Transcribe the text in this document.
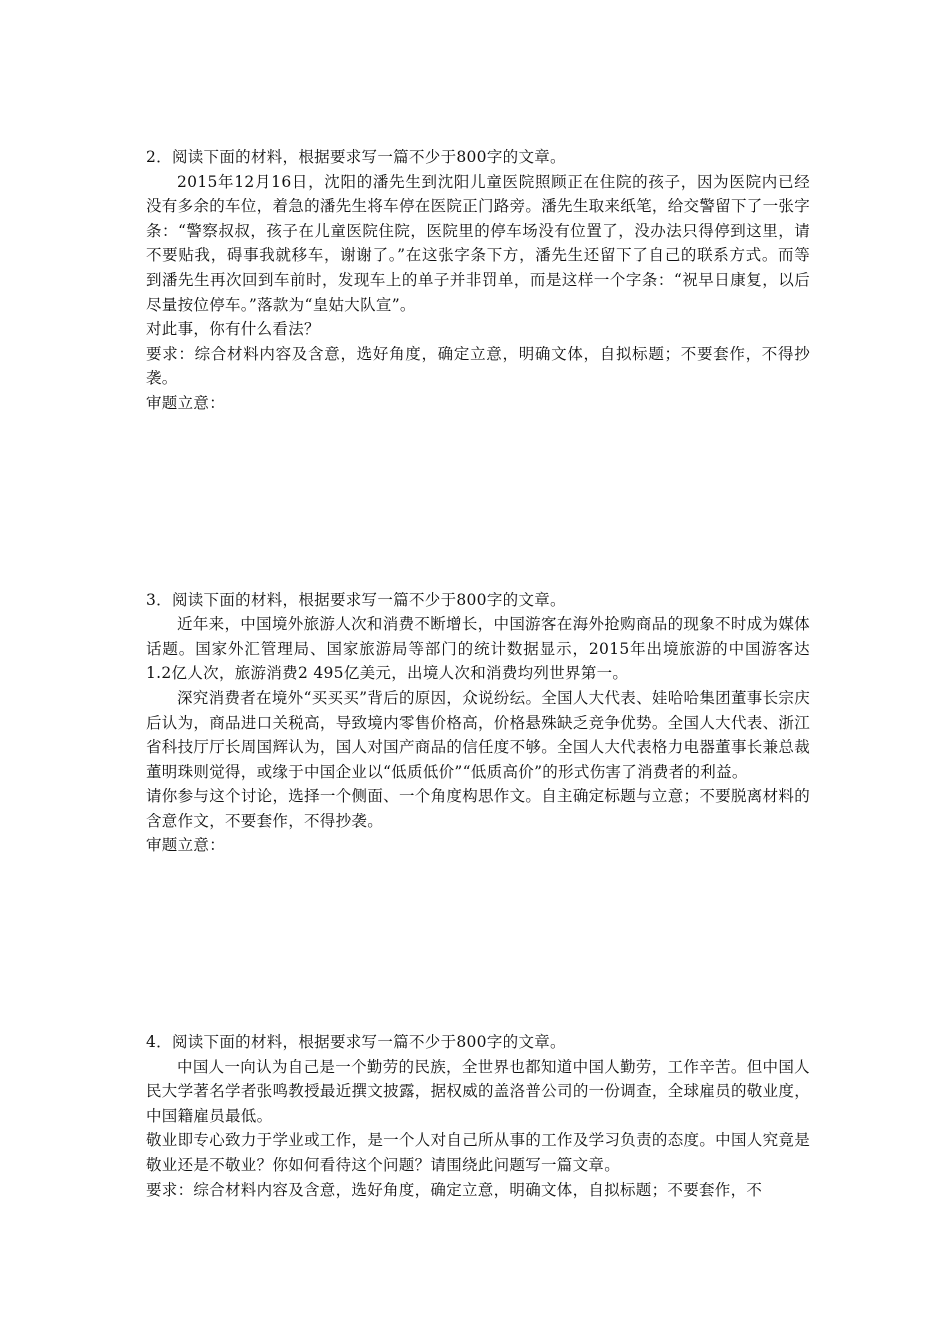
2．阅读下面的材料，根据要求写一篇不少于800字的文章。

2015年12月16日，沈阳的潘先生到沈阳儿童医院照顾正在住院的孩子，因为医院内已经没有多余的车位，着急的潘先生将车停在医院正门路旁。潘先生取来纸笔，给交警留下了一张字条：“警察叔叔，孩子在儿童医院住院，医院里的停车场没有位置了，没办法只得停到这里，请不要贴我，碍事我就移车，谢谢了。”在这张字条下方，潘先生还留下了自己的联系方式。而等到潘先生再次回到车前时，发现车上的单子并非罚单，而是这样一个字条：“祝早日康复，以后尽量按位停车。”落款为“皇姑大队宣”。

对此事，你有什么看法？

要求：综合材料内容及含意，选好角度，确定立意，明确文体，自拟标题；不要套作，不得抄袭。

审题立意：

3．阅读下面的材料，根据要求写一篇不少于800字的文章。

近年来，中国境外旅游人次和消费不断增长，中国游客在海外抢购商品的现象不时成为媒体话题。国家外汇管理局、国家旅游局等部门的统计数据显示，2015年出境旅游的中国游客达1.2亿人次，旅游消费2 495亿美元，出境人次和消费均列世界第一。

深究消费者在境外“买买买”背后的原因，众说纷纭。全国人大代表、娃哈哈集团董事长宗庆后认为，商品进口关税高，导致境内零售价格高，价格悬殊缺乏竞争优势。全国人大代表、浙江省科技厅厅长周国辉认为，国人对国产商品的信任度不够。全国人大代表格力电器董事长兼总裁董明珠则觉得，或缘于中国企业以“低质低价”“低质高价”的形式伤害了消费者的利益。

请你参与这个讨论，选择一个侧面、一个角度构思作文。自主确定标题与立意；不要脱离材料的含意作文，不要套作，不得抄袭。

审题立意：

4．阅读下面的材料，根据要求写一篇不少于800字的文章。

中国人一向认为自己是一个勤劳的民族，全世界也都知道中国人勤劳，工作辛苦。但中国人民大学著名学者张鸣教授最近撰文披露，据权威的盖洛普公司的一份调查，全球雇员的敬业度，中国籍雇员最低。

敬业即专心致力于学业或工作，是一个人对自己所从事的工作及学习负责的态度。中国人究竟是敬业还是不敬业？你如何看待这个问题？请围绕此问题写一篇文章。

要求：综合材料内容及含意，选好角度，确定立意，明确文体，自拟标题；不要套作，不
